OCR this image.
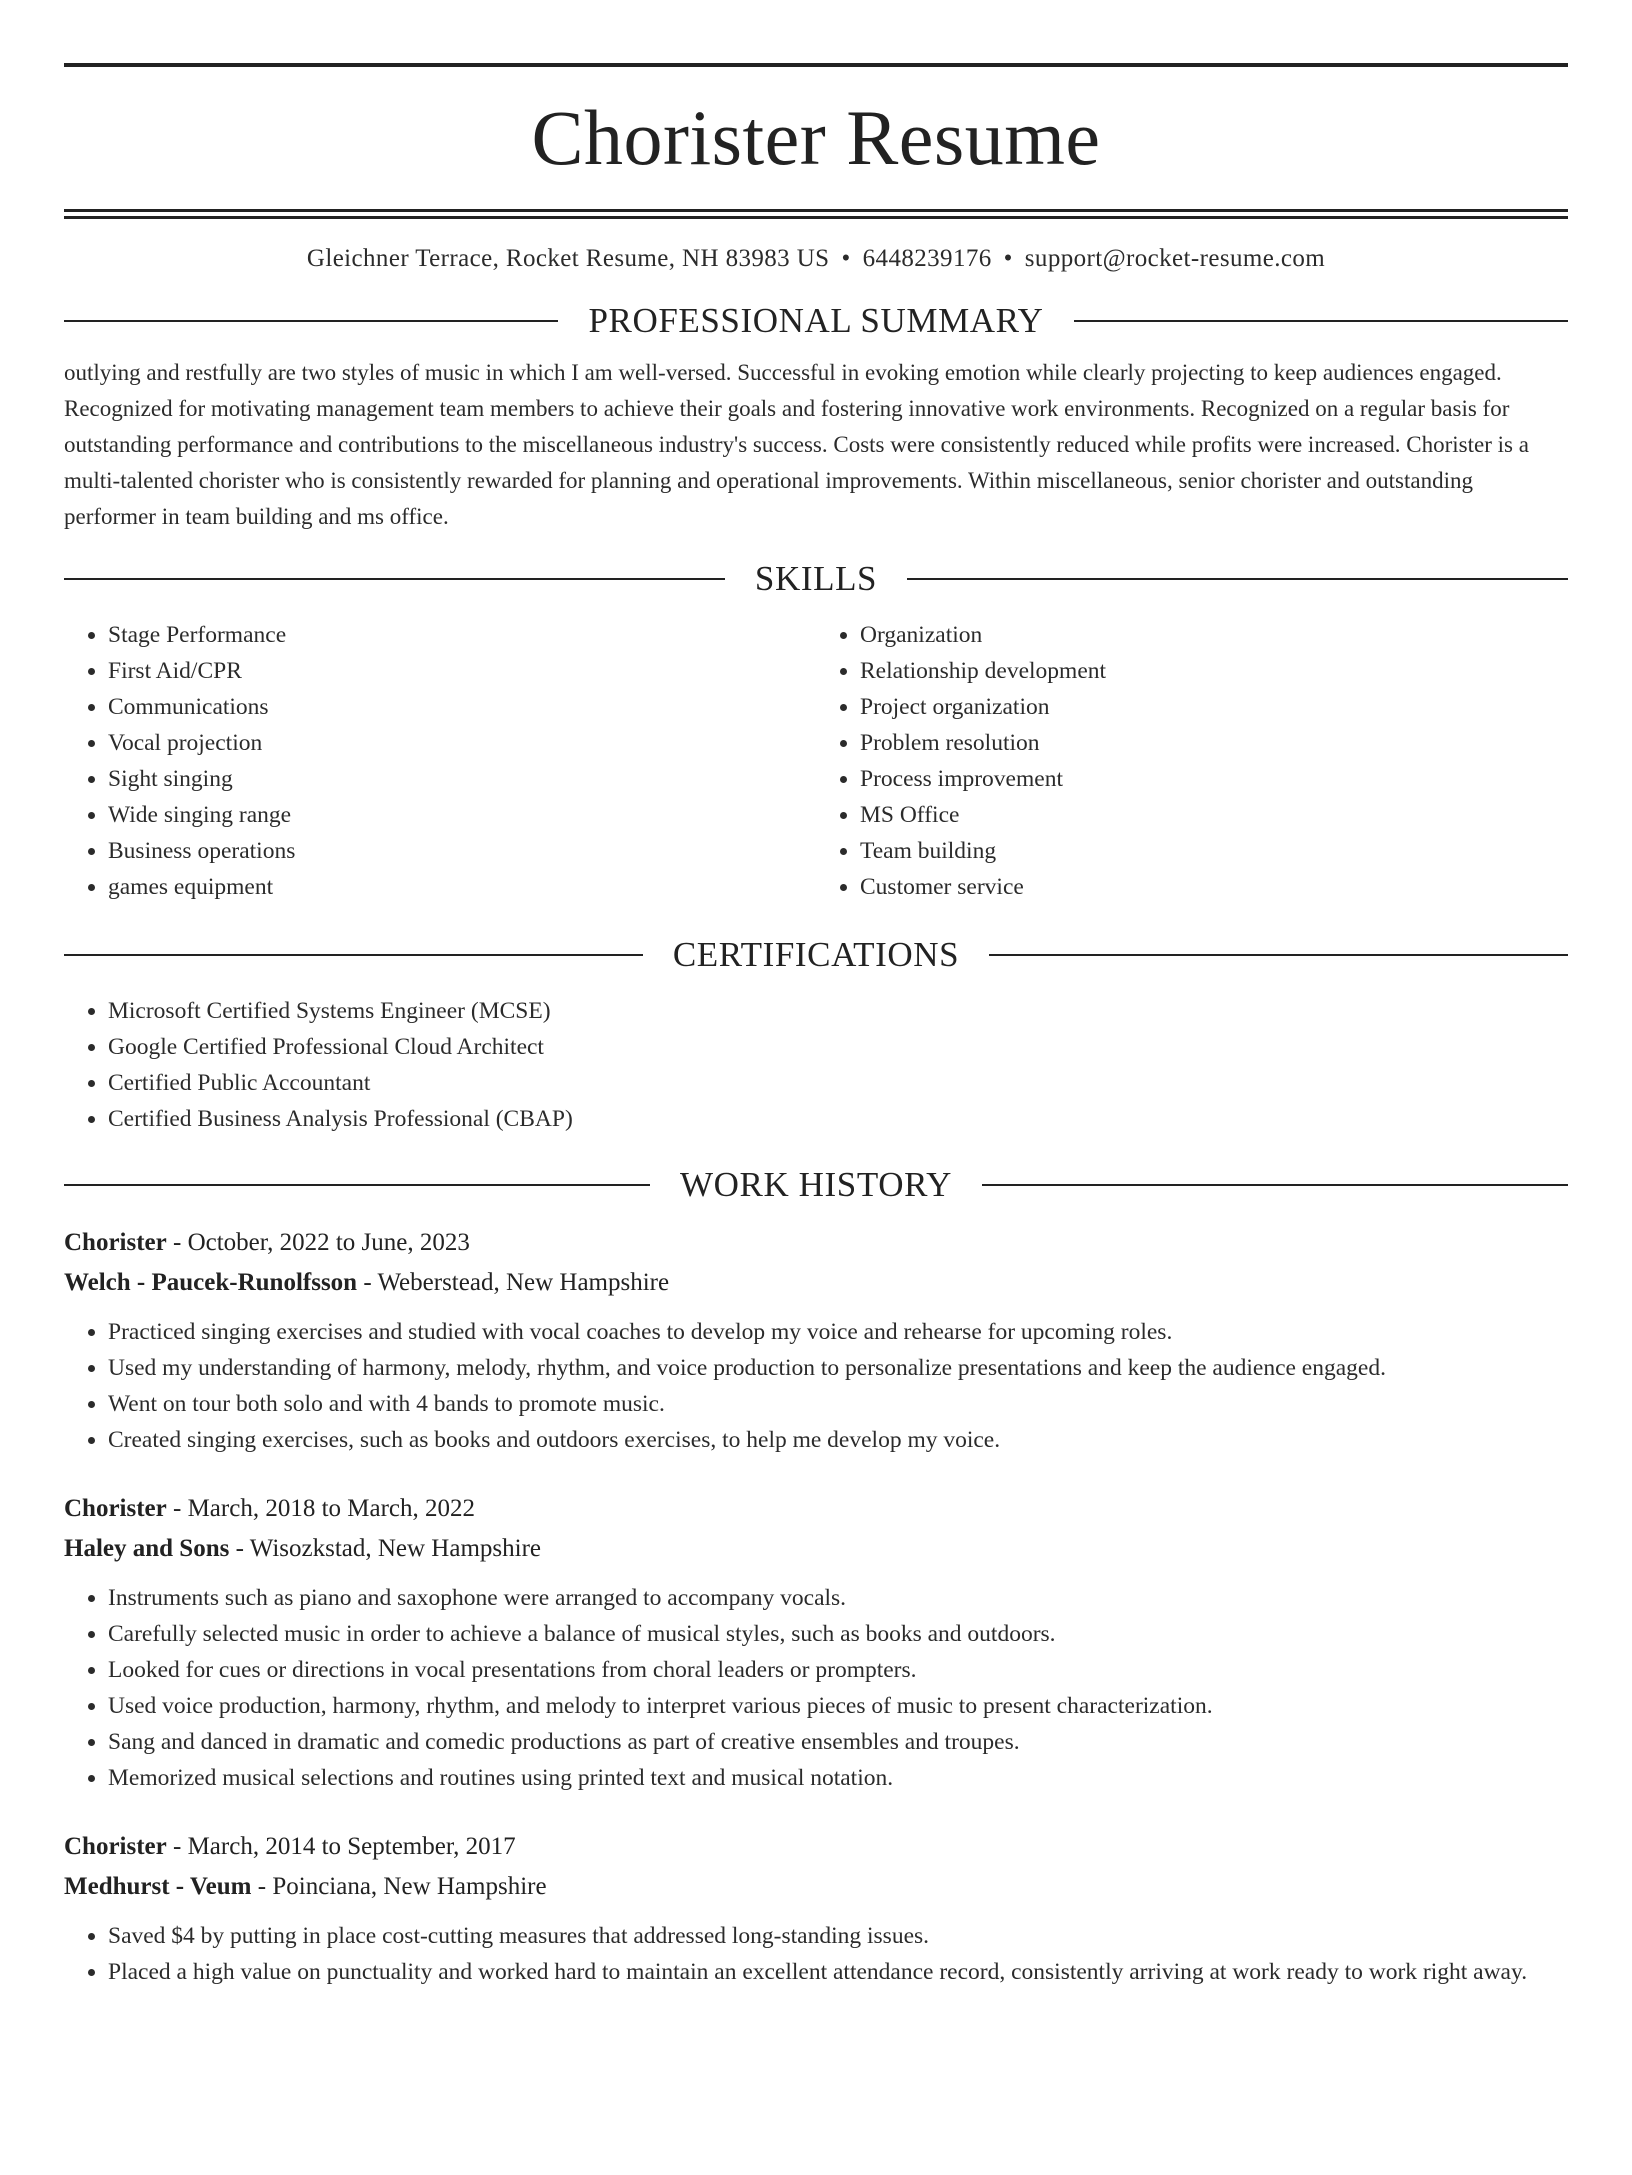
Chorister Resume
Gleichner Terrace, Rocket Resume, NH 83983 US • 6448239176 • support@rocket-resume.com
PROFESSIONAL SUMMARY

outlying and restfully are two styles of music in which I am well-versed. Successful in evoking emotion while clearly projecting to keep audiences engaged. Recognized for motivating management team members to achieve their goals and fostering innovative work environments. Recognized on a regular basis for outstanding performance and contributions to the miscellaneous industry's success. Costs were consistently reduced while profits were increased. Chorister is a multi-talented chorister who is consistently rewarded for planning and operational improvements. Within miscellaneous, senior chorister and outstanding performer in team building and ms office.

SKILLS
• Stage Performance
• First Aid/CPR
• Communications
• Vocal projection
• Sight singing
• Wide singing range
• Business operations
• games equipment
• Organization
• Relationship development
• Project organization
• Problem resolution
• Process improvement
• MS Office
• Team building
• Customer service
CERTIFICATIONS
• Microsoft Certified Systems Engineer (MCSE)
• Google Certified Professional Cloud Architect
• Certified Public Accountant
• Certified Business Analysis Professional (CBAP)
WORK HISTORY
Chorister - October, 2022 to June, 2023
Welch - Paucek-Runolfsson - Weberstead, New Hampshire
• Practiced singing exercises and studied with vocal coaches to develop my voice and rehearse for upcoming roles.
• Used my understanding of harmony, melody, rhythm, and voice production to personalize presentations and keep the audience engaged.
• Went on tour both solo and with 4 bands to promote music.
• Created singing exercises, such as books and outdoors exercises, to help me develop my voice.
Chorister - March, 2018 to March, 2022
Haley and Sons - Wisozkstad, New Hampshire
• Instruments such as piano and saxophone were arranged to accompany vocals.
• Carefully selected music in order to achieve a balance of musical styles, such as books and outdoors.
• Looked for cues or directions in vocal presentations from choral leaders or prompters.
• Used voice production, harmony, rhythm, and melody to interpret various pieces of music to present characterization.
• Sang and danced in dramatic and comedic productions as part of creative ensembles and troupes.
• Memorized musical selections and routines using printed text and musical notation.
Chorister - March, 2014 to September, 2017
Medhurst - Veum - Poinciana, New Hampshire
• Saved $4 by putting in place cost-cutting measures that addressed long-standing issues.
• Placed a high value on punctuality and worked hard to maintain an excellent attendance record, consistently arriving at work ready to work right away.
